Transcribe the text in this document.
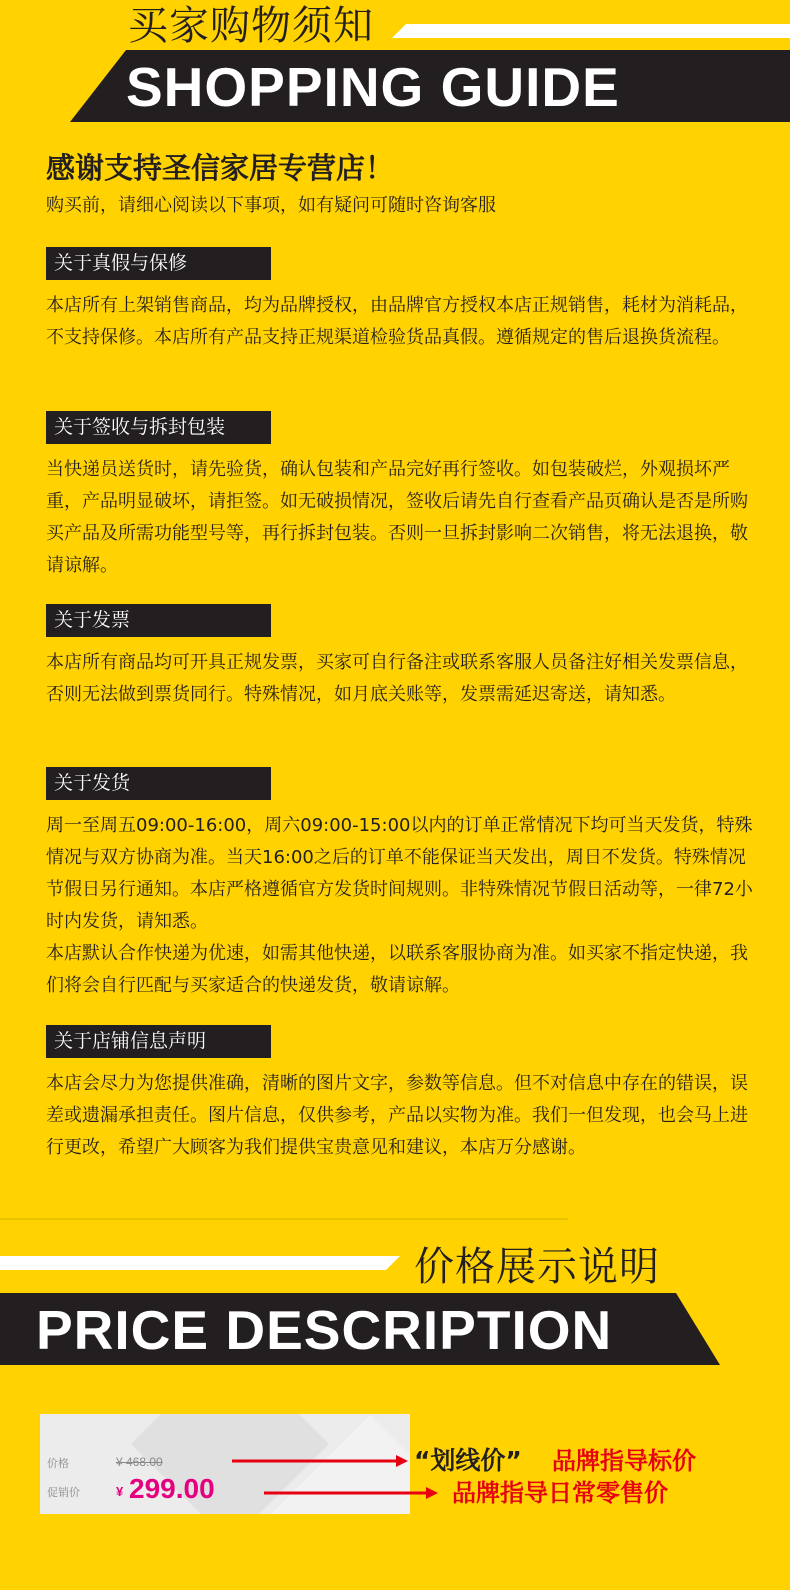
买家购物须知
SHOPPING GUIDE
感谢支持圣信家居专营店！
购买前，请细心阅读以下事项，如有疑问可随时咨询客服
关于真假与保修

本店所有上架销售商品，均为品牌授权，由品牌官方授权本店正规销售，耗材为消耗品，不支持保修。本店所有产品支持正规渠道检验货品真假。遵循规定的售后退换货流程。

关于签收与拆封包装

当快递员送货时，请先验货，确认包装和产品完好再行签收。如包装破烂，外观损坏严重，产品明显破坏，请拒签。如无破损情况，签收后请先自行查看产品页确认是否是所购买产品及所需功能型号等，再行拆封包装。否则一旦拆封影响二次销售，将无法退换，敬请谅解。

关于发票

本店所有商品均可开具正规发票，买家可自行备注或联系客服人员备注好相关发票信息，否则无法做到票货同行。特殊情况，如月底关账等，发票需延迟寄送，请知悉。

关于发货

周一至周五09:00-16:00，周六09:00-15:00以内的订单正常情况下均可当天发货，特殊情况与双方协商为准。当天16:00之后的订单不能保证当天发出，周日不发货。特殊情况节假日另行通知。本店严格遵循官方发货时间规则。非特殊情况节假日活动等，一律72小时内发货，请知悉。

本店默认合作快递为优速，如需其他快递，以联系客服协商为准。如买家不指定快递，我们将会自行匹配与买家适合的快递发货，敬请谅解。

关于店铺信息声明

本店会尽力为您提供准确，清晰的图片文字，参数等信息。但不对信息中存在的错误，误差或遗漏承担责任。图片信息，仅供参考，产品以实物为准。我们一但发现，也会马上进行更改，希望广大顾客为我们提供宝贵意见和建议，本店万分感谢。

价格展示说明
PRICE DESCRIPTION
价格	¥ 468.00
促销价	¥ 299.00
“划线价” 品牌指导标价
品牌指导日常零售价
